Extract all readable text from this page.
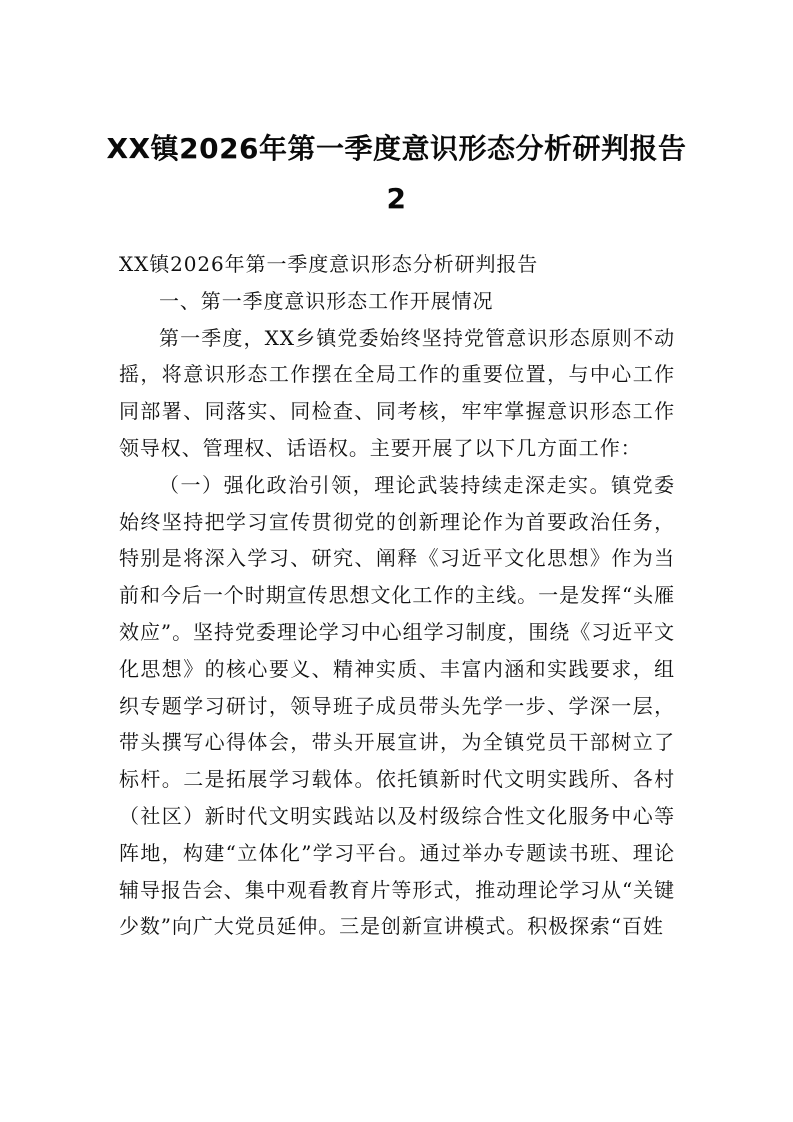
XX镇2026年第一季度意识形态分析研判报告2

XX镇2026年第一季度意识形态分析研判报告

一、第一季度意识形态工作开展情况

第一季度，XX乡镇党委始终坚持党管意识形态原则不动摇，将意识形态工作摆在全局工作的重要位置，与中心工作同部署、同落实、同检查、同考核，牢牢掌握意识形态工作领导权、管理权、话语权。主要开展了以下几方面工作：

（一）强化政治引领，理论武装持续走深走实。镇党委始终坚持把学习宣传贯彻党的创新理论作为首要政治任务，特别是将深入学习、研究、阐释《习近平文化思想》作为当前和今后一个时期宣传思想文化工作的主线。一是发挥“头雁效应”。坚持党委理论学习中心组学习制度，围绕《习近平文化思想》的核心要义、精神实质、丰富内涵和实践要求，组织专题学习研讨，领导班子成员带头先学一步、学深一层，带头撰写心得体会，带头开展宣讲，为全镇党员干部树立了标杆。二是拓展学习载体。依托镇新时代文明实践所、各村（社区）新时代文明实践站以及村级综合性文化服务中心等阵地，构建“立体化”学习平台。通过举办专题读书班、理论辅导报告会、集中观看教育片等形式，推动理论学习从“关键少数”向广大党员延伸。三是创新宣讲模式。积极探索“百姓
